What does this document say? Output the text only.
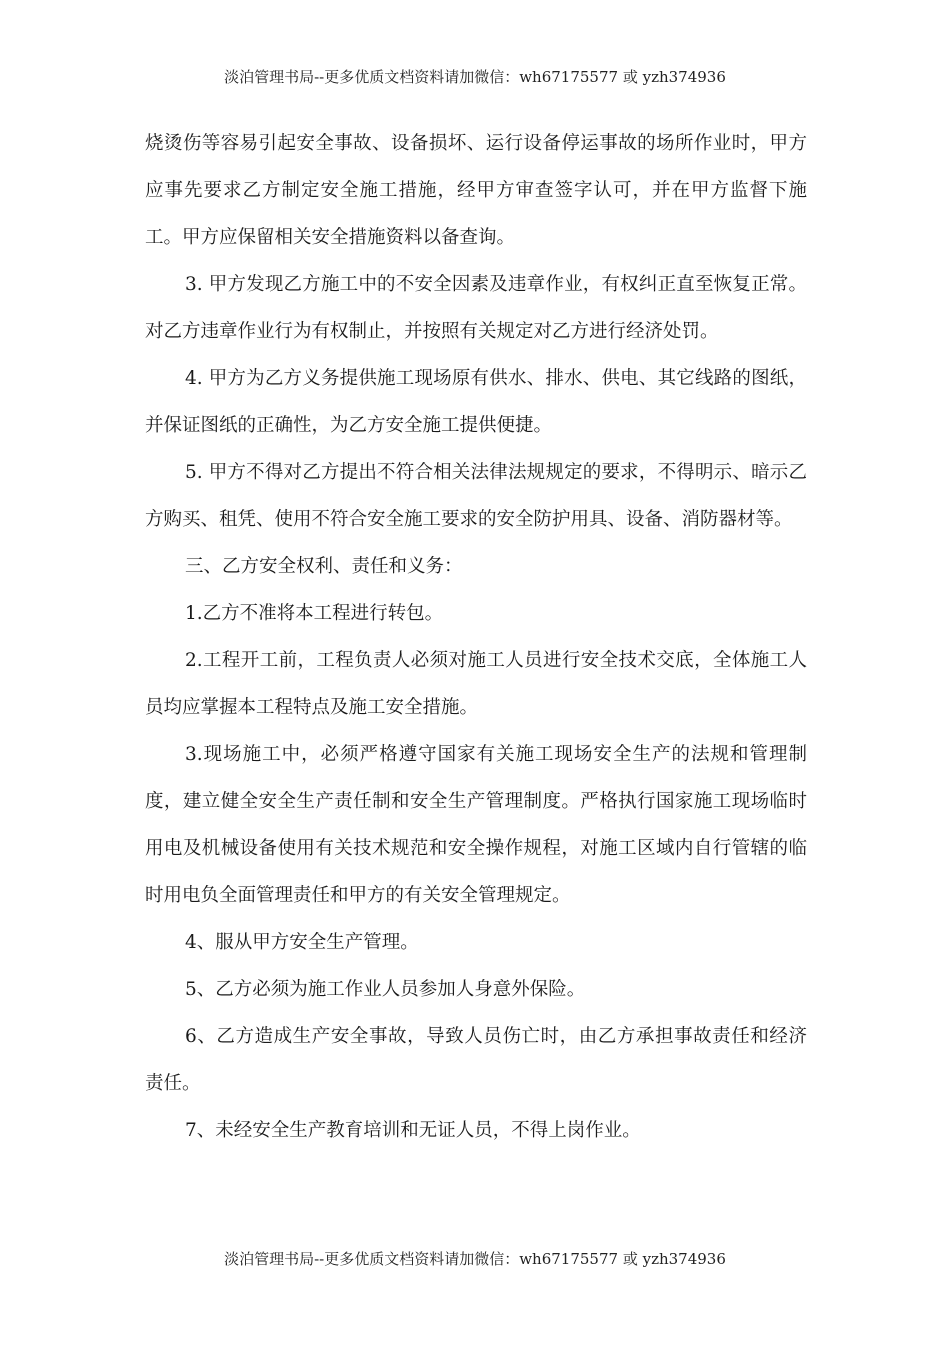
淡泊管理书局--更多优质文档资料请加微信：wh67175577 或 yzh374936

烧烫伤等容易引起安全事故、设备损坏、运行设备停运事故的场所作业时，甲方应事先要求乙方制定安全施工措施，经甲方审查签字认可，并在甲方监督下施工。甲方应保留相关安全措施资料以备查询。

3. 甲方发现乙方施工中的不安全因素及违章作业，有权纠正直至恢复正常。对乙方违章作业行为有权制止，并按照有关规定对乙方进行经济处罚。

4. 甲方为乙方义务提供施工现场原有供水、排水、供电、其它线路的图纸，并保证图纸的正确性，为乙方安全施工提供便捷。

5. 甲方不得对乙方提出不符合相关法律法规规定的要求，不得明示、暗示乙方购买、租凭、使用不符合安全施工要求的安全防护用具、设备、消防器材等。

三、乙方安全权利、责任和义务：

1.乙方不准将本工程进行转包。

2.工程开工前，工程负责人必须对施工人员进行安全技术交底，全体施工人员均应掌握本工程特点及施工安全措施。

3.现场施工中，必须严格遵守国家有关施工现场安全生产的法规和管理制度，建立健全安全生产责任制和安全生产管理制度。严格执行国家施工现场临时用电及机械设备使用有关技术规范和安全操作规程，对施工区域内自行管辖的临时用电负全面管理责任和甲方的有关安全管理规定。

4、服从甲方安全生产管理。

5、乙方必须为施工作业人员参加人身意外保险。

6、乙方造成生产安全事故，导致人员伤亡时，由乙方承担事故责任和经济责任。

7、未经安全生产教育培训和无证人员，不得上岗作业。

淡泊管理书局--更多优质文档资料请加微信：wh67175577 或 yzh374936
